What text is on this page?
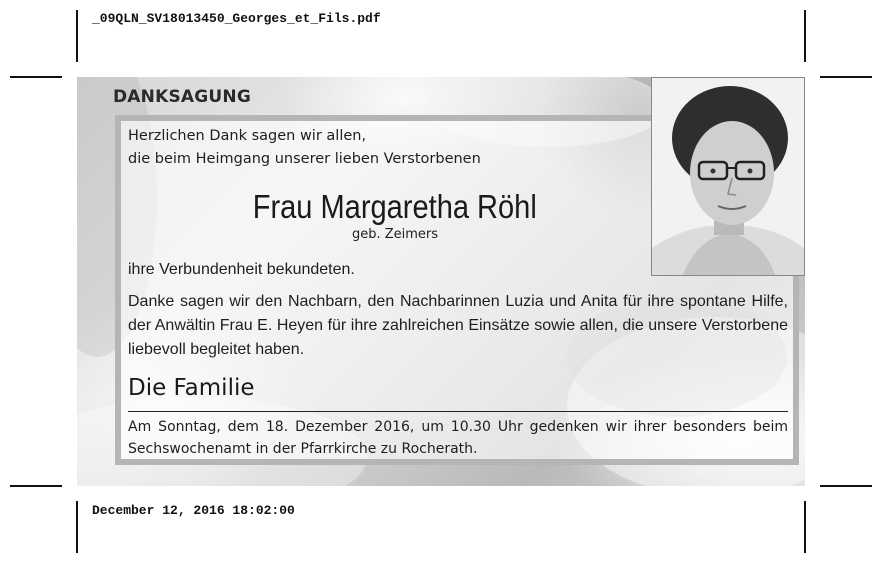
_09QLN_SV18013450_Georges_et_Fils.pdf
December 12, 2016 18:02:00
DANKSAGUNG
Herzlichen Dank sagen wir allen,
die beim Heimgang unserer lieben Verstorbenen
Frau Margaretha Röhl
geb. Zeimers
ihre Verbundenheit bekundeten.
Danke sagen wir den Nachbarn, den Nachbarinnen Luzia und Anita für ihre spontane Hilfe, der Anwältin Frau E. Heyen für ihre zahlreichen Einsätze sowie allen, die unsere Verstorbene liebevoll begleitet haben.
Die Familie
Am Sonntag, dem 18. Dezember 2016, um 10.30 Uhr gedenken wir ihrer besonders beim Sechswochenamt in der Pfarrkirche zu Rocherath.
